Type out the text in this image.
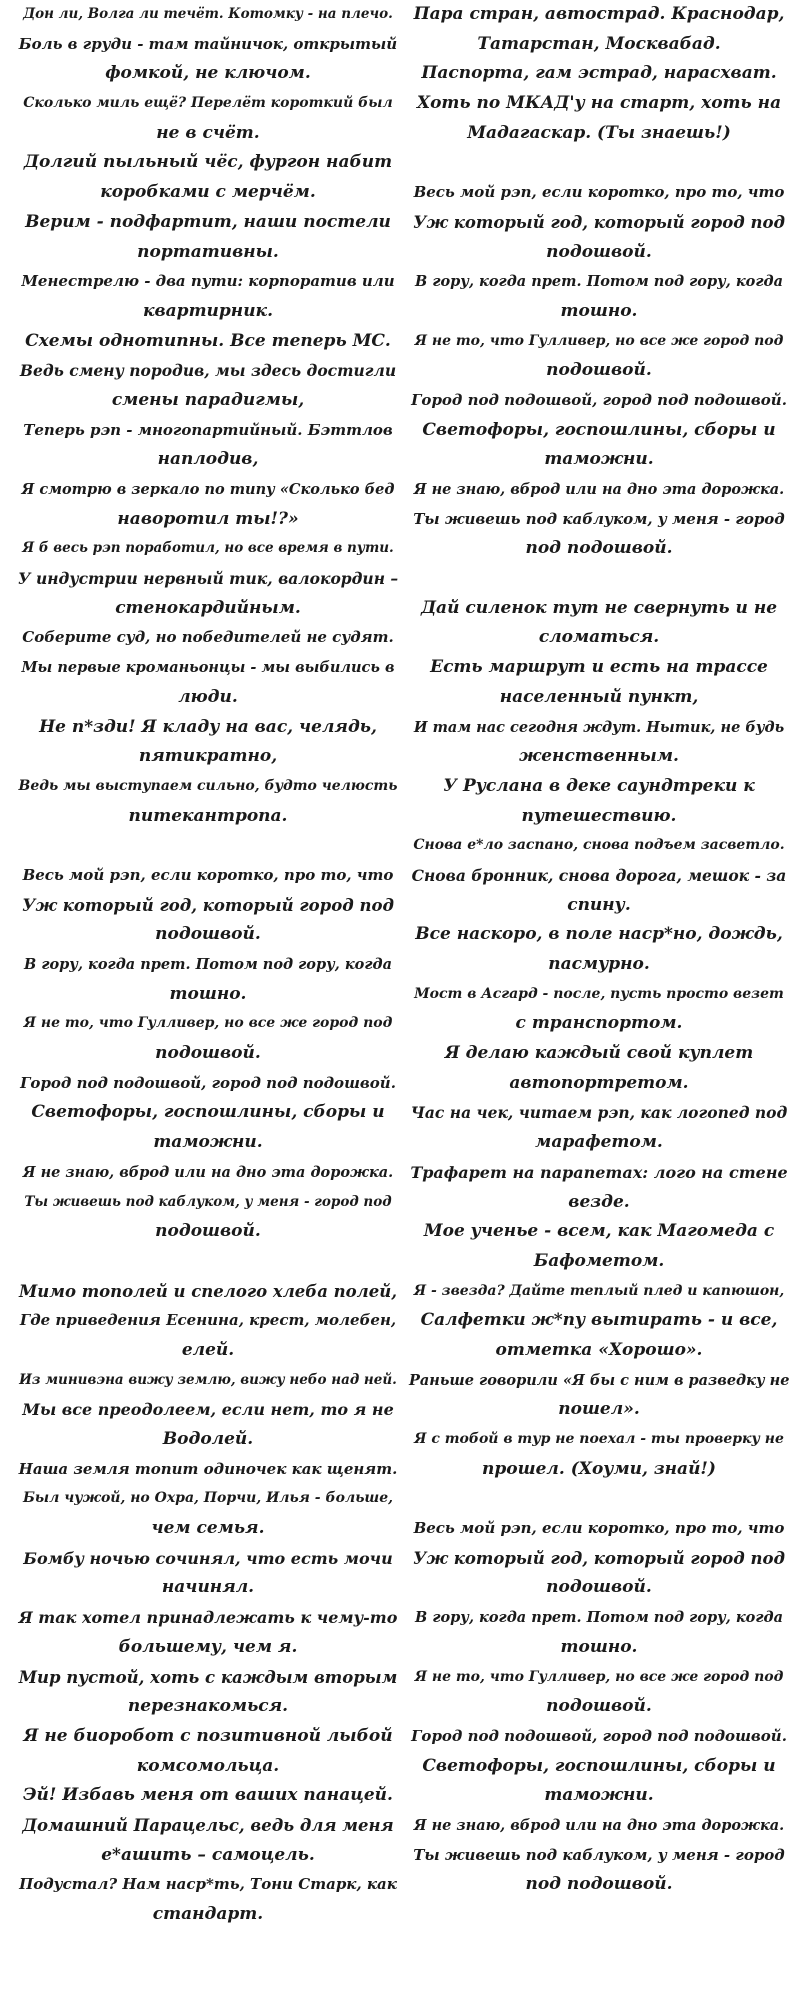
Дон ли, Волга ли течёт. Котомку - на плечо.
Боль в груди - там тайничок, открытый
фомкой, не ключом.
Сколько миль ещё? Перелёт короткий был
не в счёт.
Долгий пыльный чёс, фургон набит
коробками с мерчём.
Верим - подфартит, наши постели
портативны.
Менестрелю - два пути: корпоратив или
квартирник.
Схемы однотипны. Все теперь МС.
Ведь смену породив, мы здесь достигли
смены парадигмы,
Теперь рэп - многопартийный. Бэттлов
наплодив,
Я смотрю в зеркало по типу «Сколько бед
наворотил ты!?»
Я б весь рэп поработил, но все время в пути.
У индустрии нервный тик, валокордин –
стенокардийным.
Соберите суд, но победителей не судят.
Мы первые кроманьонцы - мы выбились в
люди.
Не п*зди! Я кладу на вас, челядь,
пятикратно,
Ведь мы выступаем сильно, будто челюсть
питекантропа.
Весь мой рэп, если коротко, про то, что
Уж который год, который город под
подошвой.
В гору, когда прет. Потом под гору, когда
тошно.
Я не то, что Гулливер, но все же город под
подошвой.
Город под подошвой, город под подошвой.
Светофоры, госпошлины, сборы и
таможни.
Я не знаю, вброд или на дно эта дорожка.
Ты живешь под каблуком, у меня - город под
подошвой.
Мимо тополей и спелого хлеба полей,
Где приведения Есенина, крест, молебен,
елей.
Из минивэна вижу землю, вижу небо над ней.
Мы все преодолеем, если нет, то я не
Водолей.
Наша земля топит одиночек как щенят.
Был чужой, но Охра, Порчи, Илья - больше,
чем семья.
Бомбу ночью сочинял, что есть мочи
начинял.
Я так хотел принадлежать к чему-то
большему, чем я.
Мир пустой, хоть с каждым вторым
перезнакомься.
Я не биоробот с позитивной лыбой
комсомольца.
Эй! Избавь меня от ваших панацей.
Домашний Парацельс, ведь для меня
е*ашить – самоцель.
Подустал? Нам наср*ть, Тони Старк, как
стандарт.
Пара стран, автострад. Краснодар,
Татарстан, Москвабад.
Паспорта, гам эстрад, нарасхват.
Хоть по МКАД'у на старт, хоть на
Мадагаскар. (Ты знаешь!)
Весь мой рэп, если коротко, про то, что
Уж который год, который город под
подошвой.
В гору, когда прет. Потом под гору, когда
тошно.
Я не то, что Гулливер, но все же город под
подошвой.
Город под подошвой, город под подошвой.
Светофоры, госпошлины, сборы и
таможни.
Я не знаю, вброд или на дно эта дорожка.
Ты живешь под каблуком, у меня - город
под подошвой.
Дай силенок тут не свернуть и не
сломаться.
Есть маршрут и есть на трассе
населенный пункт,
И там нас сегодня ждут. Нытик, не будь
женственным.
У Руслана в деке саундтреки к
путешествию.
Снова е*ло заспано, снова подъем засветло.
Снова бронник, снова дорога, мешок - за
спину.
Все наскоро, в поле наср*но, дождь,
пасмурно.
Мост в Асгард - после, пусть просто везет
с транспортом.
Я делаю каждый свой куплет
автопортретом.
Час на чек, читаем рэп, как логопед под
марафетом.
Трафарет на парапетах: лого на стене
везде.
Мое ученье - всем, как Магомеда с
Бафометом.
Я - звезда? Дайте теплый плед и капюшон,
Салфетки ж*пу вытирать - и все,
отметка «Хорошо».
Раньше говорили «Я бы с ним в разведку не
пошел».
Я с тобой в тур не поехал - ты проверку не
прошел. (Хоуми, знай!)
Весь мой рэп, если коротко, про то, что
Уж который год, который город под
подошвой.
В гору, когда прет. Потом под гору, когда
тошно.
Я не то, что Гулливер, но все же город под
подошвой.
Город под подошвой, город под подошвой.
Светофоры, госпошлины, сборы и
таможни.
Я не знаю, вброд или на дно эта дорожка.
Ты живешь под каблуком, у меня - город
под подошвой.
